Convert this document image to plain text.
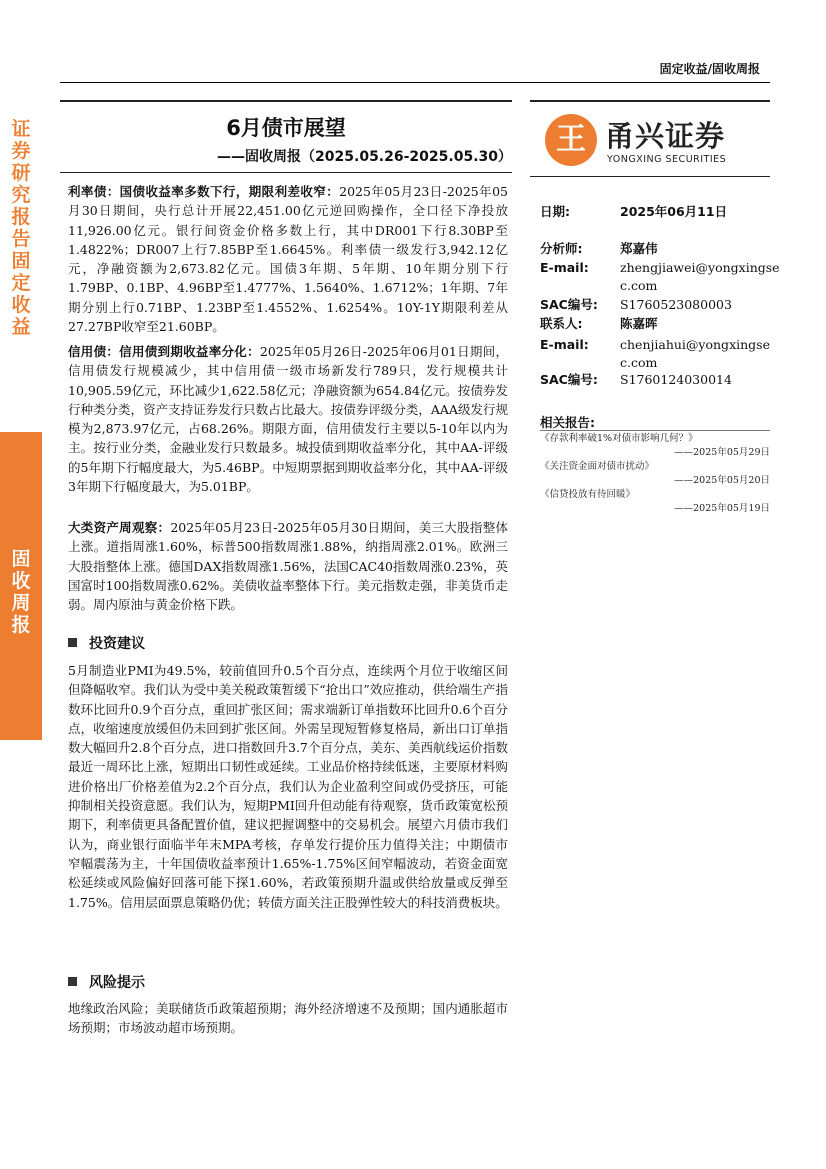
证券研究报告 固定收益
固收周报
固定收益/固收周报
6月债市展望
——固收周报（2025.05.26-2025.05.30）	王 甬兴证券
YONGXING SECURITIES
日期:	2025年06月11日
分析师:	郑嘉伟
E-mail: zhengjiawei@yongxingsec.com
SAC编号: S1760523080003
联系人:	陈嘉晖
E-mail: chenjiahui@yongxingsec.com
SAC编号: S1760124030014
相关报告:
《存款利率破1%对债市影响几何？》
——2025年05月29日
《关注资金面对债市扰动》
——2025年05月20日
《信贷投放有待回暖》
——2025年05月19日

利率债：国债收益率多数下行，期限利差收窄：2025年05月23日-2025年05月30日期间，央行总计开展22,451.00亿元逆回购操作，全口径下净投放11,926.00亿元。银行间资金价格多数上行，其中DR001下行8.30BP至1.4822%；DR007上行7.85BP至1.6645%。利率债一级发行3,942.12亿元，净融资额为2,673.82亿元。国债3年期、5年期、10年期分别下行1.79BP、0.1BP、4.96BP至1.4777%、1.5640%、1.6712%；1年期、7年期分别上行0.71BP、1.23BP至1.4552%、1.6254%。10Y-1Y期限利差从27.27BP收窄至21.60BP。

信用债：信用债到期收益率分化：2025年05月26日-2025年06月01日期间，信用债发行规模减少，其中信用债一级市场新发行789只，发行规模共计10,905.59亿元，环比减少1,622.58亿元；净融资额为654.84亿元。按债券发行种类分类，资产支持证券发行只数占比最大。按债券评级分类，AAA级发行规模为2,873.97亿元，占68.26%。期限方面，信用债发行主要以5-10年以内为主。按行业分类，金融业发行只数最多。城投债到期收益率分化，其中AA-评级的5年期下行幅度最大，为5.46BP。中短期票据到期收益率分化，其中AA-评级3年期下行幅度最大，为5.01BP。

大类资产周观察：2025年05月23日-2025年05月30日期间，美三大股指整体上涨。道指周涨1.60%，标普500指数周涨1.88%，纳指周涨2.01%。欧洲三大股指整体上涨。德国DAX指数周涨1.56%，法国CAC40指数周涨0.23%，英国富时100指数周涨0.62%。美债收益率整体下行。美元指数走强，非美货币走弱。周内原油与黄金价格下跌。

投资建议

5月制造业PMI为49.5%，较前值回升0.5个百分点，连续两个月位于收缩区间但降幅收窄。我们认为受中美关税政策暂缓下“抢出口”效应推动，供给端生产指数环比回升0.9个百分点，重回扩张区间；需求端新订单指数环比回升0.6个百分点，收缩速度放缓但仍未回到扩张区间。外需呈现短暂修复格局，新出口订单指数大幅回升2.8个百分点，进口指数回升3.7个百分点，美东、美西航线运价指数最近一周环比上涨，短期出口韧性或延续。工业品价格持续低迷，主要原材料购进价格出厂价格差值为2.2个百分点，我们认为企业盈利空间或仍受挤压，可能抑制相关投资意愿。我们认为，短期PMI回升但动能有待观察，货币政策宽松预期下，利率债更具备配置价值，建议把握调整中的交易机会。展望六月债市我们认为，商业银行面临半年末MPA考核，存单发行提价压力值得关注；中期债市窄幅震荡为主，十年国债收益率预计1.65%-1.75%区间窄幅波动，若资金面宽松延续或风险偏好回落可能下探1.60%，若政策预期升温或供给放量或反弹至1.75%。信用层面票息策略仍优；转债方面关注正股弹性较大的科技消费板块。

风险提示

地缘政治风险；美联储货币政策超预期；海外经济增速不及预期；国内通胀超市场预期；市场波动超市场预期。
